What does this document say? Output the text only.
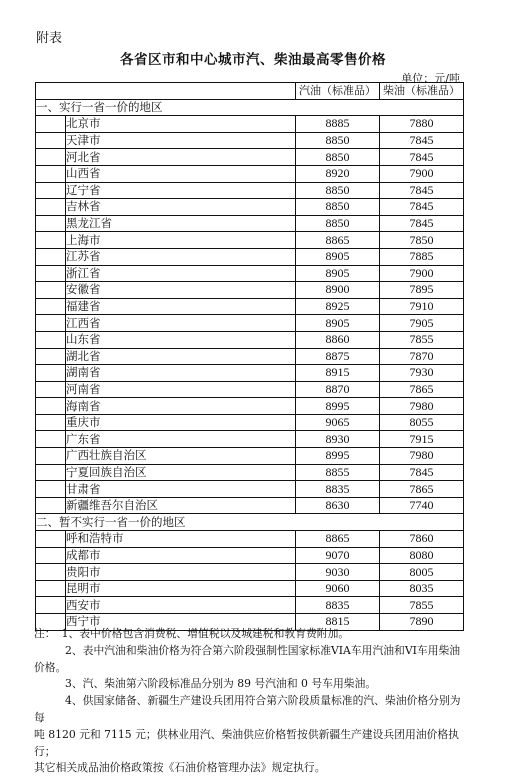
附表
各省区市和中心城市汽、柴油最高零售价格
单位：元/吨
		汽油（标准品）	柴油（标准品）
一、实行一省一价的地区			
	北京市	8885	7880
	天津市	8850	7845
	河北省	8850	7845
	山西省	8920	7900
	辽宁省	8850	7845
	吉林省	8850	7845
	黑龙江省	8850	7845
	上海市	8865	7850
	江苏省	8905	7885
	浙江省	8905	7900
	安徽省	8900	7895
	福建省	8925	7910
	江西省	8905	7905
	山东省	8860	7855
	湖北省	8875	7870
	湖南省	8915	7930
	河南省	8870	7865
	海南省	8995	7980
	重庆市	9065	8055
	广东省	8930	7915
	广西壮族自治区	8995	7980
	宁夏回族自治区	8855	7845
	甘肃省	8835	7865
	新疆维吾尔自治区	8630	7740
二、暂不实行一省一价的地区			
	呼和浩特市	8865	7860
	成都市	9070	8080
	贵阳市	9030	8005
	昆明市	9060	8035
	西安市	8835	7855
	西宁市	8815	7890

注： 1、表中价格包含消费税、增值税以及城建税和教育费附加。

2、表中汽油和柴油价格为符合第六阶段强制性国家标准VIA车用汽油和VI车用柴油价格。

3、汽、柴油第六阶段标准品分别为 89 号汽油和 0 号车用柴油。

4、供国家储备、新疆生产建设兵团用符合第六阶段质量标准的汽、柴油价格分别为每

吨 8120 元和 7115 元；供林业用汽、柴油供应价格暂按供新疆生产建设兵团用油价格执行；

其它相关成品油价格政策按《石油价格管理办法》规定执行。
